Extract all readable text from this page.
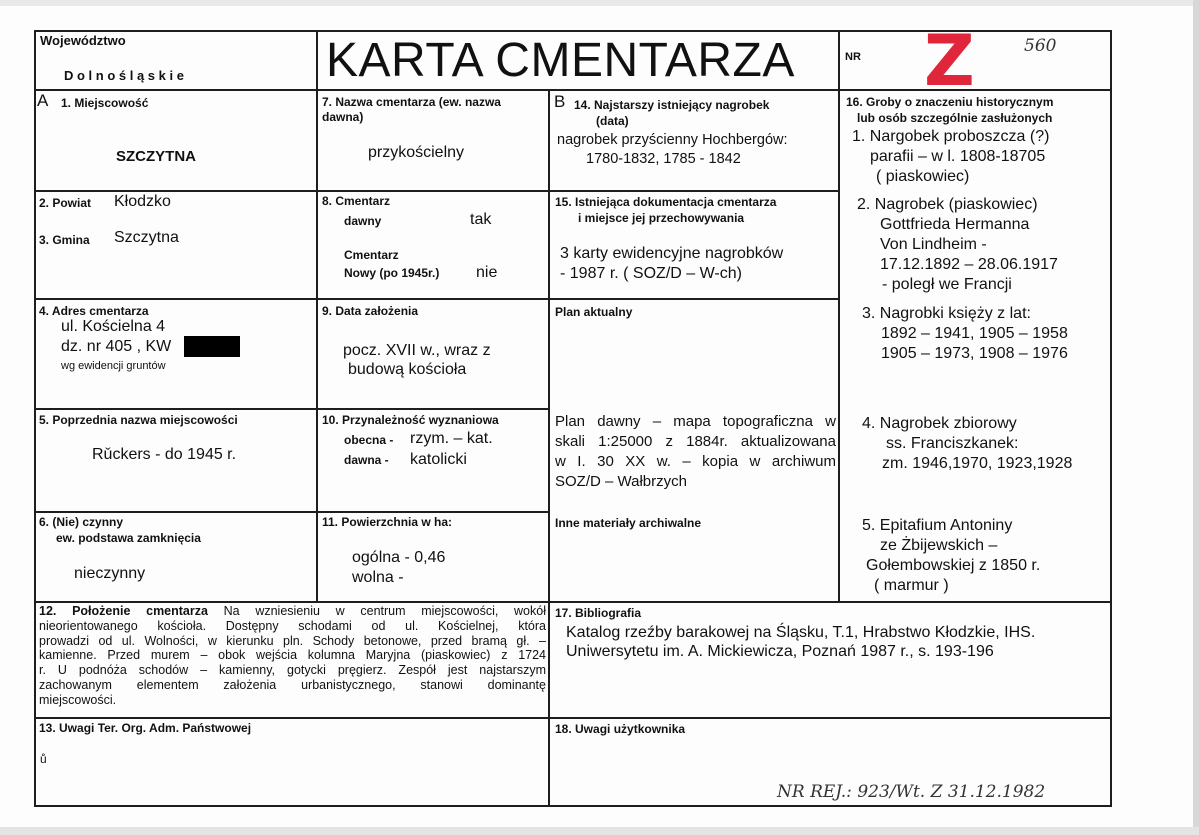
Województwo
D o l n o ś l ą s k i e	KARTA CMENTARZA	NR Z	560
A 1. Miejscowość
SZCZYTNA
2. Powiat Kłodzko
3. Gmina Szczytna
4. Adres cmentarza
ul. Kościelna 4
dz. nr 405 , KW
wg ewidencji gruntów
5. Poprzednia nazwa miejscowości
Rǔckers - do 1945 r.
6. (Nie) czynny
ew. podstawa zamknięcia
nieczynny
7. Nazwa cmentarza (ew. nazwa
dawna)
przykościelny
8. Cmentarz
dawny	tak
Cmentarz
Nowy (po 1945r.) nie
9. Data założenia
pocz. XVII w., wraz z
budową kościoła
10. Przynależność wyznaniowa
obecna - rzym. – kat.
dawna - katolicki
11. Powierzchnia w ha:
ogólna - 0,46
wolna -
B 14. Najstarszy istniejący nagrobek
(data)
nagrobek przyścienny Hochbergów:
1780-1832, 1785 - 1842
15. Istniejąca dokumentacja cmentarza
i miejsce jej przechowywania
3 karty ewidencyjne nagrobków
- 1987 r. ( SOZ/D – W-ch)
Plan aktualny
Plan dawny – mapa topograficzna w
skali 1:25000 z 1884r. aktualizowana
w I. 30 XX w. – kopia w archiwum
SOZ/D – Wałbrzych
Inne materiały archiwalne
16. Groby o znaczeniu historycznym
lub osób szczególnie zasłużonych
1. Nargobek proboszcza (?)
parafii – w l. 1808-18705
( piaskowiec)
2. Nagrobek (piaskowiec)
Gottfrieda Hermanna
Von Lindheim -
17.12.1892 – 28.06.1917
- poległ we Francji
3. Nagrobki księży z lat:
1892 – 1941, 1905 – 1958
1905 – 1973, 1908 – 1976
4. Nagrobek zbiorowy
ss. Franciszkanek:
zm. 1946,1970, 1923,1928
5. Epitafium Antoniny
ze Żbijewskich –
Gołembowskiej z 1850 r.
( marmur )
12. Położenie cmentarza Na wzniesieniu w centrum miejscowości, wokół
nieorientowanego kościoła. Dostępny schodami od ul. Kościelnej, która
prowadzi od ul. Wolności, w kierunku pln. Schody betonowe, przed bramą gł. –
kamienne. Przed murem – obok wejścia kolumna Maryjna (piaskowiec) z 1724
r. U podnóża schodów – kamienny, gotycki pręgierz. Zespół jest najstarszym
zachowanym elementem założenia urbanistycznego, stanowi dominantę
miejscowości.
17. Bibliografia
Katalog rzeźby barakowej na Śląsku, T.1, Hrabstwo Kłodzkie, IHS.
Uniwersytetu im. A. Mickiewicza, Poznań 1987 r., s. 193-196
13. Uwagi Ter. Org. Adm. Państwowej
ů
18. Uwagi użytkownika
NR REJ.: 923/Wt. Z 31.12.1982
